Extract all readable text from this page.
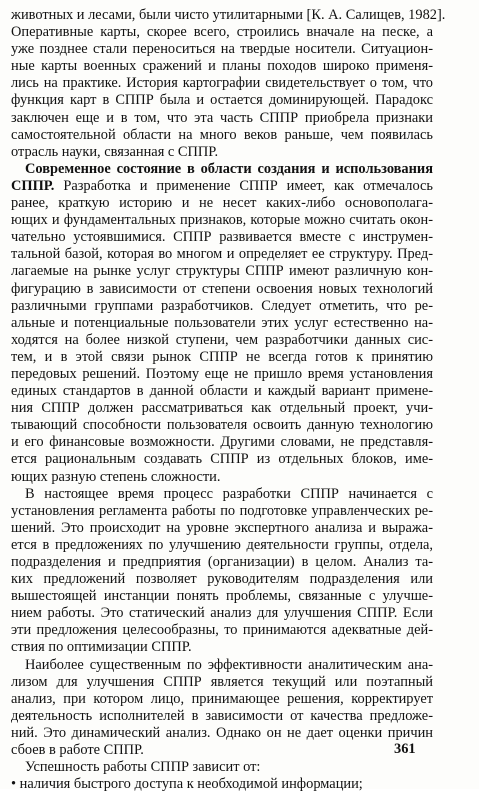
животных и лесами, были чисто утилитарными [К. А. Салищев, 1982].
Оперативные карты, скорее всего, строились вначале на песке, а
уже позднее стали переноситься на твердые носители. Ситуацион-
ные карты военных сражений и планы походов широко применя-
лись на практике. История картографии свидетельствует о том, что
функция карт в СППР была и остается доминирующей. Парадокс
заключен еще и в том, что эта часть СППР приобрела признаки
самостоятельной области на много веков раньше, чем появилась
отрасль науки, связанная с СППР.
Современное состояние в области создания и использования
СППР. Разработка и применение СППР имеет, как отмечалось
ранее, краткую историю и не несет каких-либо основополага-
ющих и фундаментальных признаков, которые можно считать окон-
чательно устоявшимися. СППР развивается вместе с инструмен-
тальной базой, которая во многом и определяет ее структуру. Пред-
лагаемые на рынке услуг структуры СППР имеют различную кон-
фигурацию в зависимости от степени освоения новых технологий
различными группами разработчиков. Следует отметить, что ре-
альные и потенциальные пользователи этих услуг естественно на-
ходятся на более низкой ступени, чем разработчики данных сис-
тем, и в этой связи рынок СППР не всегда готов к принятию
передовых решений. Поэтому еще не пришло время установления
единых стандартов в данной области и каждый вариант примене-
ния СППР должен рассматриваться как отдельный проект, учи-
тывающий способности пользователя освоить данную технологию
и его финансовые возможности. Другими словами, не представля-
ется рациональным создавать СППР из отдельных блоков, име-
ющих разную степень сложности.
В настоящее время процесс разработки СППР начинается с
установления регламента работы по подготовке управленческих ре-
шений. Это происходит на уровне экспертного анализа и выража-
ется в предложениях по улучшению деятельности группы, отдела,
подразделения и предприятия (организации) в целом. Анализ та-
ких предложений позволяет руководителям подразделения или
вышестоящей инстанции понять проблемы, связанные с улучше-
нием работы. Это статический анализ для улучшения СППР. Если
эти предложения целесообразны, то принимаются адекватные дей-
ствия по оптимизации СППР.
Наиболее существенным по эффективности аналитическим ана-
лизом для улучшения СППР является текущий или поэтапный
анализ, при котором лицо, принимающее решения, корректирует
деятельность исполнителей в зависимости от качества предложе-
ний. Это динамический анализ. Однако он не дает оценки причин
сбоев в работе СППР.
Успешность работы СППР зависит от:
• наличия быстрого доступа к необходимой информации;
361
